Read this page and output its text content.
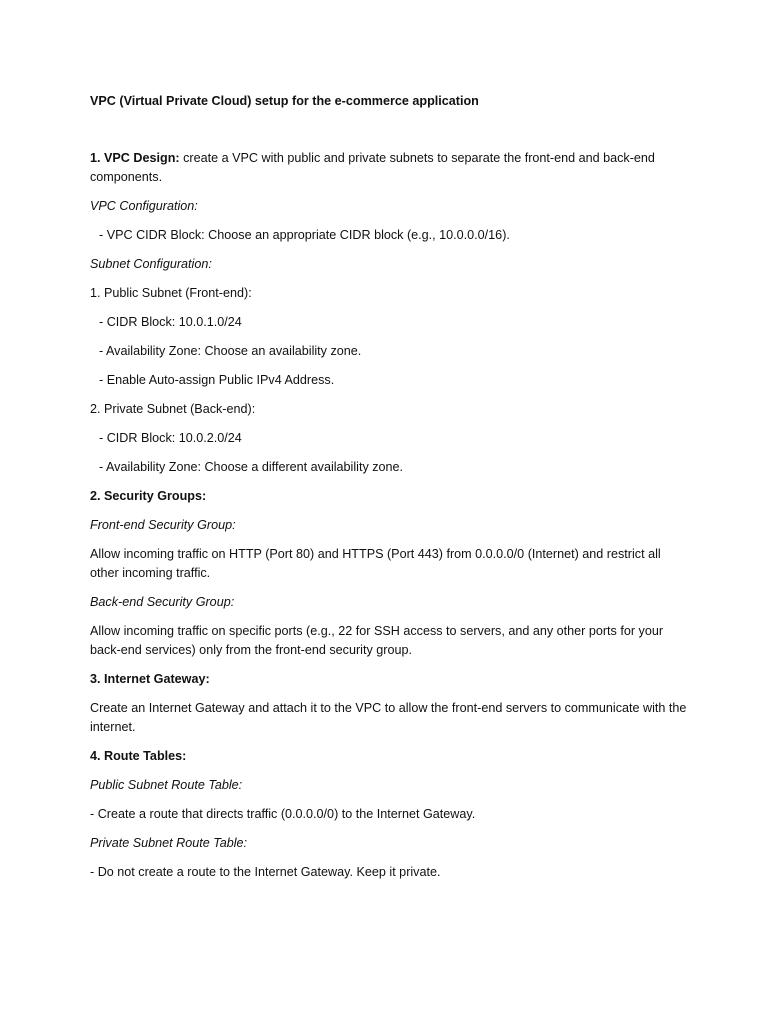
VPC (Virtual Private Cloud) setup for the e-commerce application

1. VPC Design: create a VPC with public and private subnets to separate the front-end and back-end components.

VPC Configuration:

- VPC CIDR Block: Choose an appropriate CIDR block (e.g., 10.0.0.0/16).

Subnet Configuration:

1. Public Subnet (Front-end):

- CIDR Block: 10.0.1.0/24

- Availability Zone: Choose an availability zone.

- Enable Auto-assign Public IPv4 Address.

2. Private Subnet (Back-end):

- CIDR Block: 10.0.2.0/24

- Availability Zone: Choose a different availability zone.

2. Security Groups:

Front-end Security Group:

Allow incoming traffic on HTTP (Port 80) and HTTPS (Port 443) from 0.0.0.0/0 (Internet) and restrict all other incoming traffic.

Back-end Security Group:

Allow incoming traffic on specific ports (e.g., 22 for SSH access to servers, and any other ports for your back-end services) only from the front-end security group.

3. Internet Gateway:

Create an Internet Gateway and attach it to the VPC to allow the front-end servers to communicate with the internet.

4. Route Tables:

Public Subnet Route Table:

- Create a route that directs traffic (0.0.0.0/0) to the Internet Gateway.

Private Subnet Route Table:

- Do not create a route to the Internet Gateway. Keep it private.
